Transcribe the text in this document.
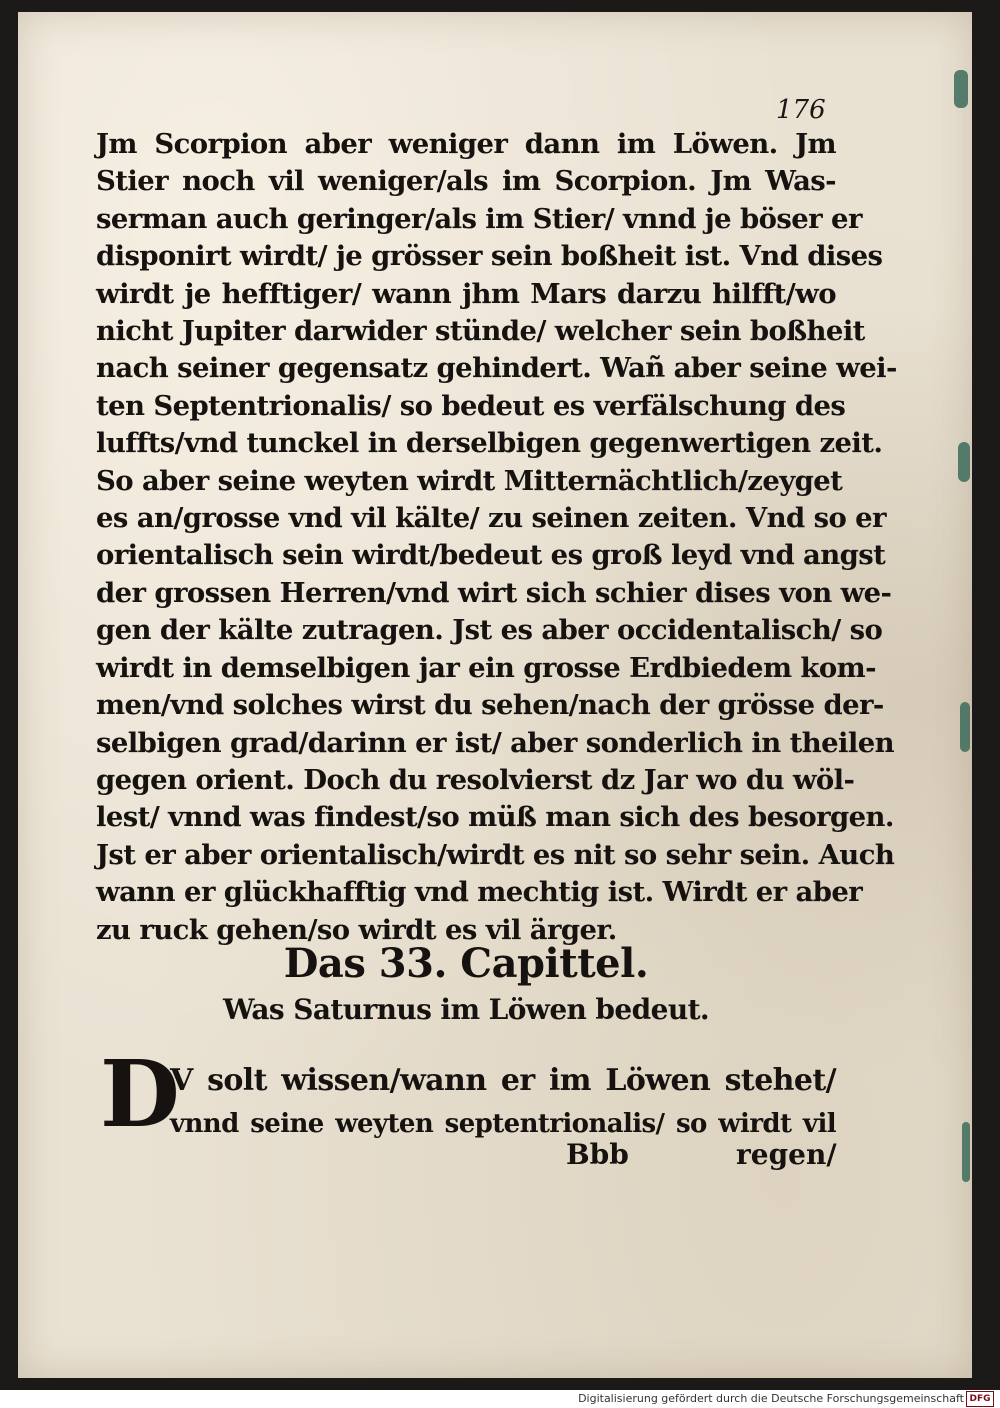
176
Jm Scorpion aber weniger dann im Löwen. Jm
Stier noch vil weniger/als im Scorpion. Jm Was-
serman auch geringer/als im Stier/ vnnd je böser er
disponirt wirdt/ je grösser sein boßheit ist. Vnd dises
wirdt je hefftiger/ wann jhm Mars darzu hilfft/wo
nicht Jupiter darwider stünde/ welcher sein boßheit
nach seiner gegensatz gehindert. Wañ aber seine wei-
ten Septentrionalis/ so bedeut es verfälschung des
luffts/vnd tunckel in derselbigen gegenwertigen zeit.
So aber seine weyten wirdt Mitternächtlich/zeyget
es an/grosse vnd vil kälte/ zu seinen zeiten. Vnd so er
orientalisch sein wirdt/bedeut es groß leyd vnd angst
der grossen Herren/vnd wirt sich schier dises von we-
gen der kälte zutragen. Jst es aber occidentalisch/ so
wirdt in demselbigen jar ein grosse Erdbiedem kom-
men/vnd solches wirst du sehen/nach der grösse der-
selbigen grad/darinn er ist/ aber sonderlich in theilen
gegen orient. Doch du resolvierst dz Jar wo du wöl-
lest/ vnnd was findest/so müß man sich des besorgen.
Jst er aber orientalisch/wirdt es nit so sehr sein. Auch
wann er glückhafftig vnd mechtig ist. Wirdt er aber
zu ruck gehen/so wirdt es vil ärger.
Das 33. Capittel.
Was Saturnus im Löwen bedeut.
D
V solt wissen/wann er im Löwen stehet/
vnnd seine weyten septentrionalis/ so wirdt vil
Bbb	regen/
Digitalisierung gefördert durch die Deutsche Forschungsgemeinschaft DFG
